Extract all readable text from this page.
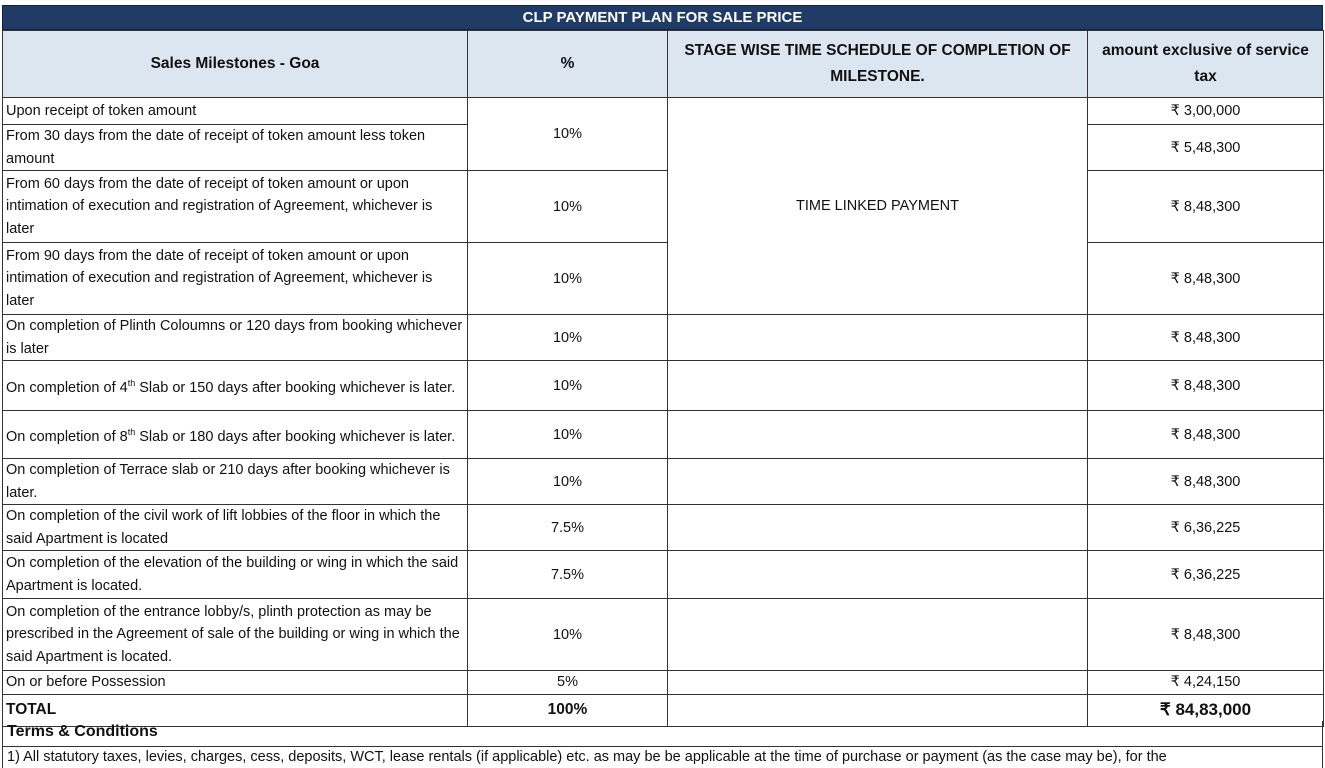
CLP PAYMENT PLAN FOR SALE PRICE
Sales Milestones - Goa	%	STAGE WISE TIME SCHEDULE OF COMPLETION OF MILESTONE.	amount exclusive of service tax
Upon receipt of token amount	10%	TIME LINKED PAYMENT	₹ 3,00,000
From 30 days from the date of receipt of token amount less token amount			₹ 5,48,300
From 60 days from the date of receipt of token amount or upon intimation of execution and registration of Agreement, whichever is later	10%		₹ 8,48,300
From 90 days from the date of receipt of token amount or upon intimation of execution and registration of Agreement, whichever is later	10%		₹ 8,48,300
On completion of Plinth Coloumns or 120 days from booking whichever is later	10%		₹ 8,48,300
On completion of 4th Slab or 150 days after booking whichever is later.	10%		₹ 8,48,300
On completion of 8th Slab or 180 days after booking whichever is later.	10%		₹ 8,48,300
On completion of Terrace slab or 210 days after booking whichever is later.	10%		₹ 8,48,300
On completion of the civil work of lift lobbies of the floor in which the said Apartment is located	7.5%		₹ 6,36,225
On completion of the elevation of the building or wing in which the said Apartment is located.	7.5%		₹ 6,36,225
On completion of the entrance lobby/s, plinth protection as may be prescribed in the Agreement of sale of the building or wing in which the said Apartment is located.	10%		₹ 8,48,300
On or before Possession	5%		₹ 4,24,150
TOTAL	100%		₹ 84,83,000
Terms & Conditions
1) All statutory taxes, levies, charges, cess, deposits, WCT, lease rentals (if applicable) etc. as may be be applicable at the time of purchase or payment (as the case may be), for the
